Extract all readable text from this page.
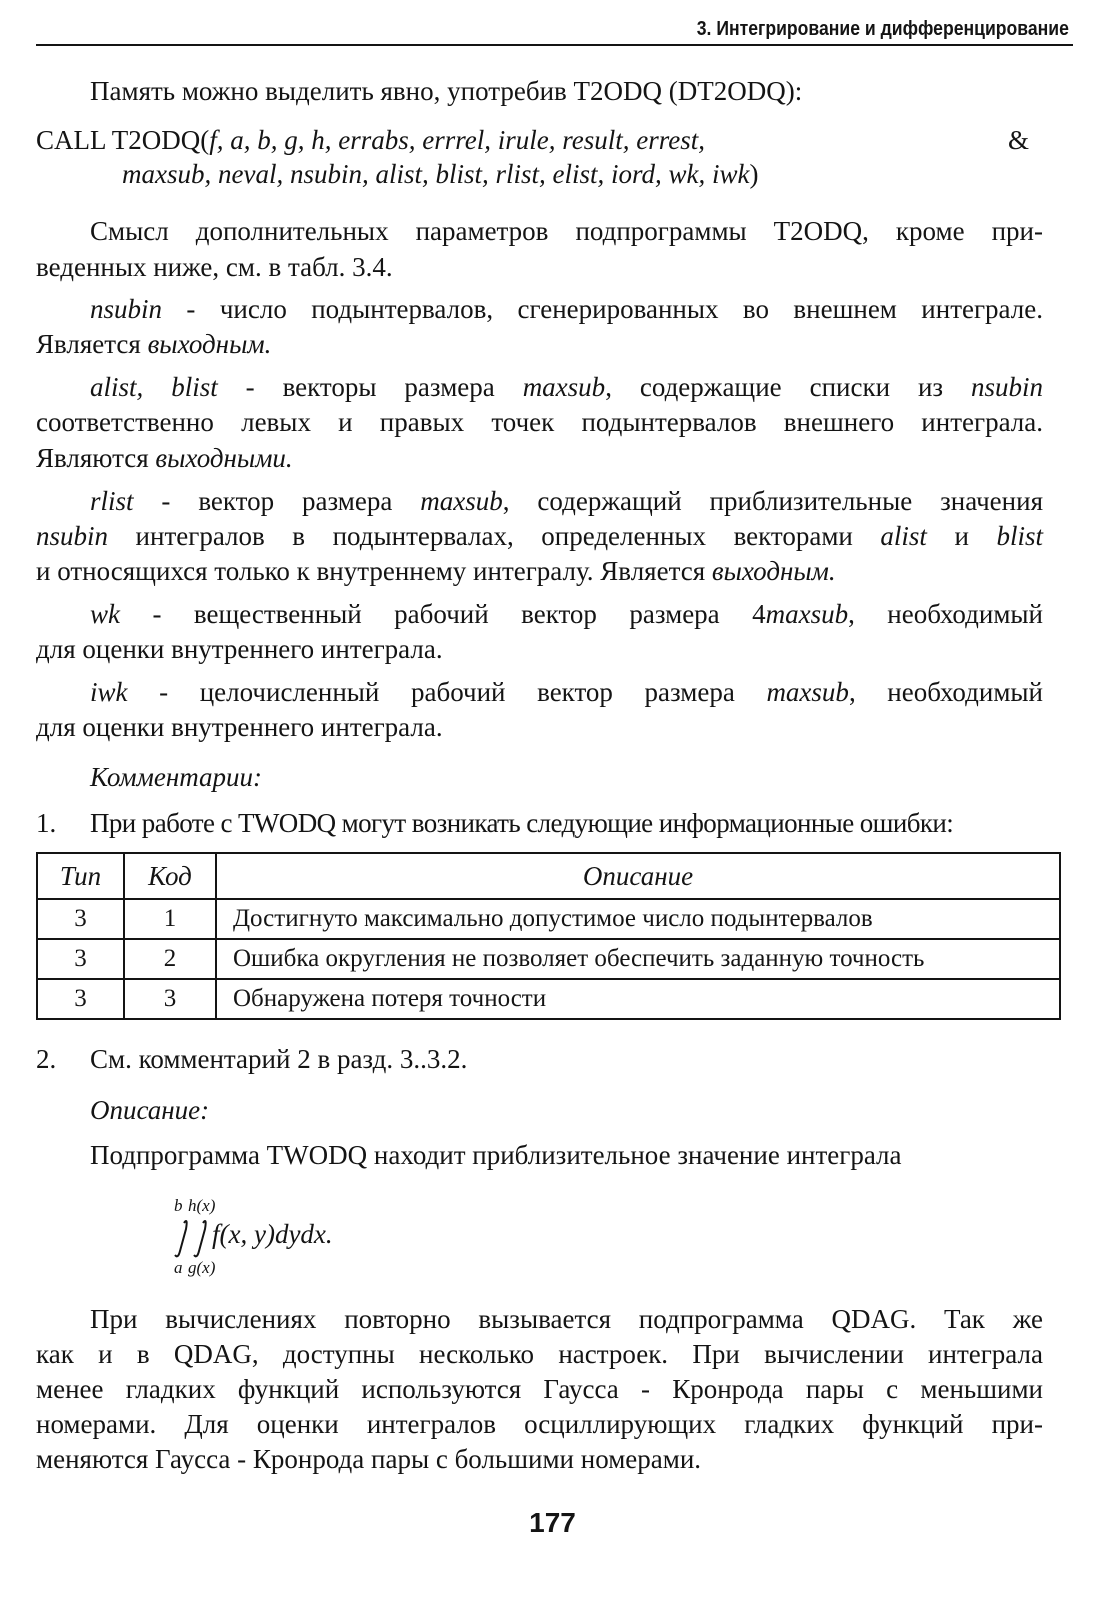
3. Интегрирование и дифференцирование
Память можно выделить явно, употребив T2ODQ (DT2ODQ):
CALL T2ODQ(f, a, b, g, h, errabs, errrel, irule, result, errest,	&
maxsub, neval, nsubin, alist, blist, rlist, elist, iord, wk, iwk)
Смысл дополнительных параметров подпрограммы T2ODQ, кроме при-
веденных ниже, см. в табл. 3.4.
nsubin - число подынтервалов, сгенерированных во внешнем интеграле.
Является выходным.
alist, blist - векторы размера maxsub, содержащие списки из nsubin
соответственно левых и правых точек подынтервалов внешнего интеграла.
Являются выходными.
rlist - вектор размера maxsub, содержащий приблизительные значения
nsubin интегралов в подынтервалах, определенных векторами alist и blist
и относящихся только к внутреннему интегралу. Является выходным.
wk - вещественный рабочий вектор размера 4maxsub, необходимый
для оценки внутреннего интеграла.
iwk - целочисленный рабочий вектор размера maxsub, необходимый
для оценки внутреннего интеграла.
Комментарии:
1. При работе с TWODQ могут возникать следующие информационные ошибки:
Тип	Код	Описание
3	1	Достигнуто максимально допустимое число подынтервалов
3	2	Ошибка округления не позволяет обеспечить заданную точность
3	3	Обнаружена потеря точности
2. См. комментарий 2 в разд. 3..3.2.
Описание:
Подпрограмма TWODQ находит приблизительное значение интеграла
b h(x)
a g(x)
f(x, y)dydx.
При вычислениях повторно вызывается подпрограмма QDAG. Так же
как и в QDAG, доступны несколько настроек. При вычислении интеграла
менее гладких функций используются Гаусса - Кронрода пары с меньшими
номерами. Для оценки интегралов осциллирующих гладких функций при-
меняются Гаусса - Кронрода пары с большими номерами.
177
